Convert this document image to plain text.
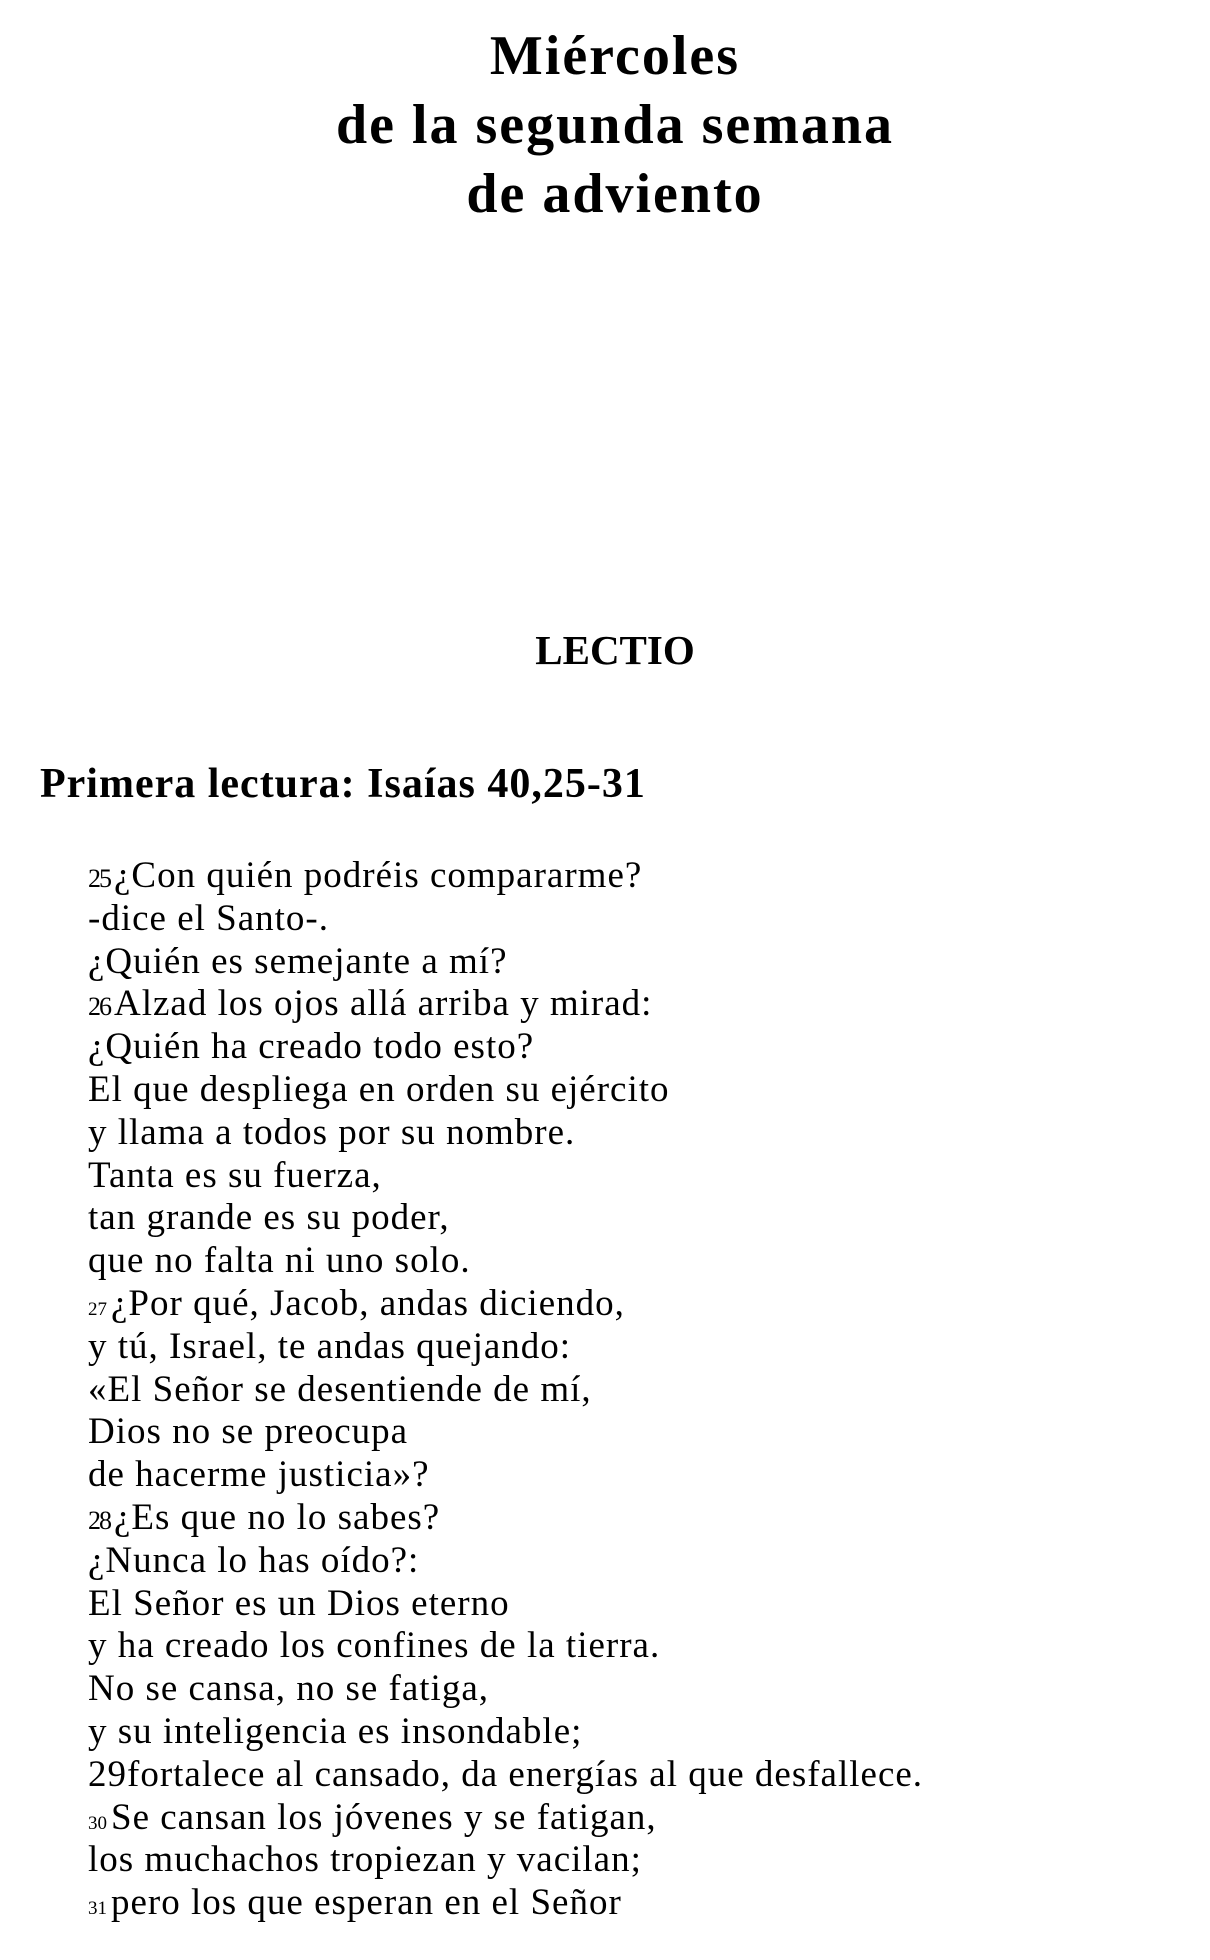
Miércoles
de la segunda semana
de adviento
LECTIO
Primera lectura: Isaías 40,25-31
25 ¿Con quién podréis compararme?
-dice el Santo-.
¿Quién es semejante a mí?
26 Alzad los ojos allá arriba y mirad:
¿Quién ha creado todo esto?
El que despliega en orden su ejército
y llama a todos por su nombre.
Tanta es su fuerza,
tan grande es su poder,
que no falta ni uno solo.
27 ¿Por qué, Jacob, andas diciendo,
y tú, Israel, te andas quejando:
«El Señor se desentiende de mí,
Dios no se preocupa
de hacerme justicia»?
28 ¿Es que no lo sabes?
¿Nunca lo has oído?:
El Señor es un Dios eterno
y ha creado los confines de la tierra.
No se cansa, no se fatiga,
y su inteligencia es insondable;
29fortalece al cansado, da energías al que desfallece.
30 Se cansan los jóvenes y se fatigan,
los muchachos tropiezan y vacilan;
31 pero los que esperan en el Señor
